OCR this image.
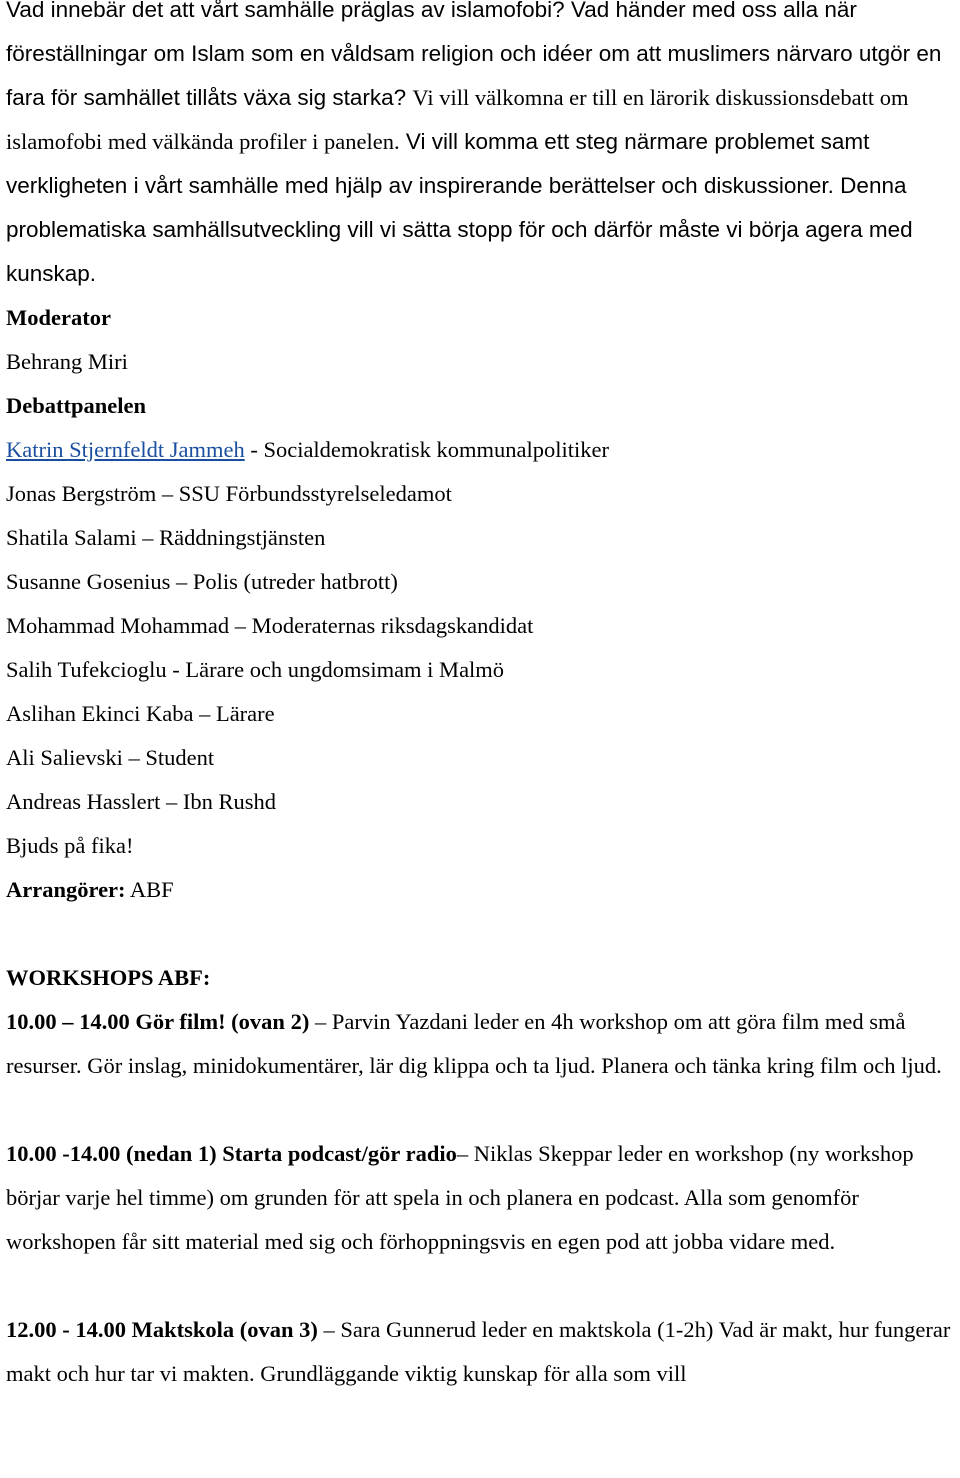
Vad innebär det att vårt samhälle präglas av islamofobi? Vad händer med oss alla när föreställningar om Islam som en våldsam religion och idéer om att muslimers närvaro utgör en fara för samhället tillåts växa sig starka? Vi vill välkomna er till en lärorik diskussionsdebatt om islamofobi med välkända profiler i panelen. Vi vill komma ett steg närmare problemet samt verkligheten i vårt samhälle med hjälp av inspirerande berättelser och diskussioner. Denna problematiska samhällsutveckling vill vi sätta stopp för och därför måste vi börja agera med kunskap.

Moderator

Behrang Miri

Debattpanelen

Katrin Stjernfeldt Jammeh - Socialdemokratisk kommunalpolitiker

Jonas Bergström – SSU Förbundsstyrelseledamot

Shatila Salami – Räddningstjänsten

Susanne Gosenius – Polis (utreder hatbrott)

Mohammad Mohammad – Moderaternas riksdagskandidat

Salih Tufekcioglu - Lärare och ungdomsimam i Malmö

Aslihan Ekinci Kaba – Lärare

Ali Salievski – Student

Andreas Hasslert – Ibn Rushd

Bjuds på fika!

Arrangörer: ABF

WORKSHOPS ABF:

10.00 – 14.00 Gör film! (ovan 2) – Parvin Yazdani leder en 4h workshop om att göra film med små resurser. Gör inslag, minidokumentärer, lär dig klippa och ta ljud. Planera och tänka kring film och ljud.

10.00 -14.00 (nedan 1) Starta podcast/gör radio– Niklas Skeppar leder en workshop (ny workshop börjar varje hel timme) om grunden för att spela in och planera en podcast. Alla som genomför workshopen får sitt material med sig och förhoppningsvis en egen pod att jobba vidare med.

12.00 - 14.00 Maktskola (ovan 3) – Sara Gunnerud leder en maktskola (1-2h) Vad är makt, hur fungerar makt och hur tar vi makten. Grundläggande viktig kunskap för alla som vill
